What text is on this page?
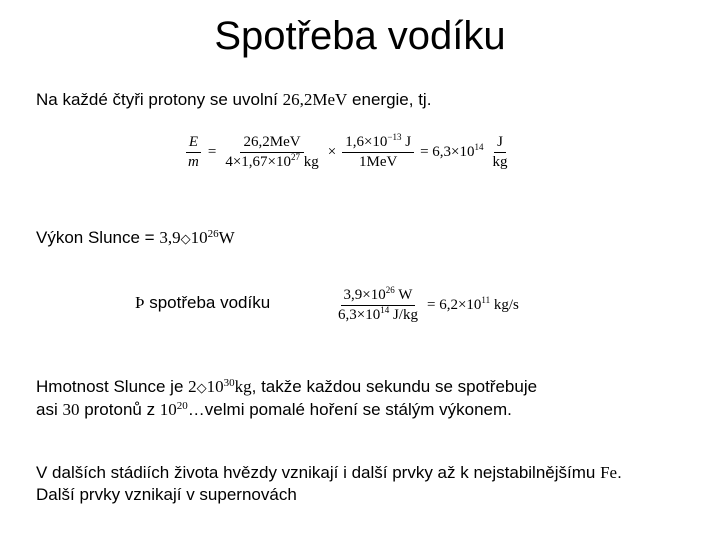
Spotřeba vodíku
Na každé čtyři protony se uvolní 26,2MeV energie, tj.
$\frac{E}{m} = \frac{\text{26,2MeV}}{4\times 1,67\times 10^{27} kg} \times \frac{1,6\times 10^{-13} J}{\text{1MeV}} = 6,3\times 10^{14} \frac{J}{kg}$
Výkon Slunce = $3,9◇10^{26}W$
Þ spotřeba vodíku	$\frac{3,9\times 10^{26} W}{6,3\times 10^{14} J/kg} = 6,2\times 10^{11}$ kg/s
Hmotnost Slunce je $2◇10^{30}kg$, takže každou sekundu se spotřebuje
asi 30 protonů z $10^{20}\dots velmi$ pomalé hoření se stálým výkonem.
V dalších stádiích života hvězdy vznikají i další prvky až k nejstabilnějšímu Fe.
Další prvky vznikají v supernovách
